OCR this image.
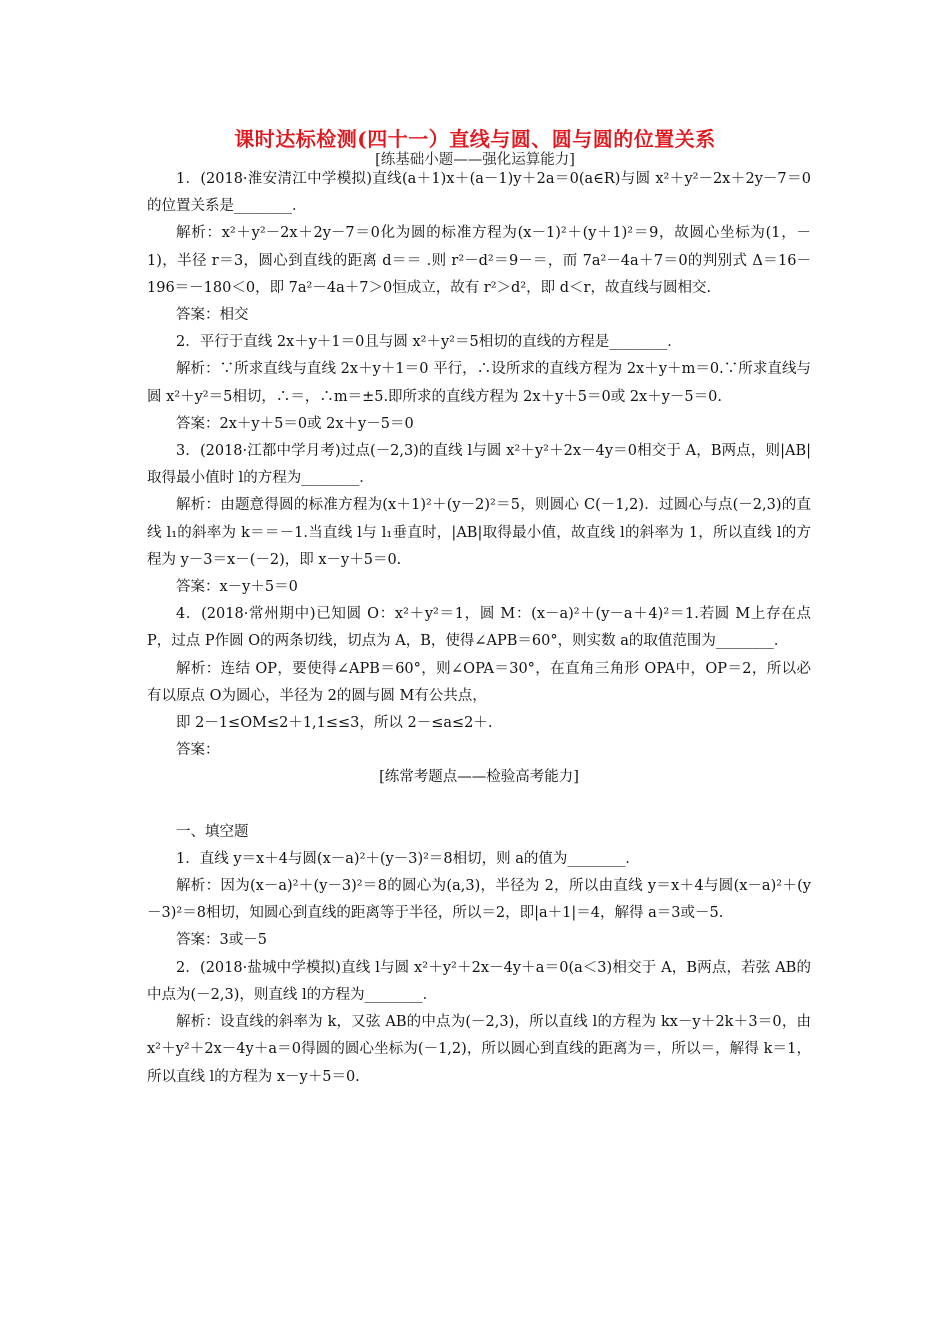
课时达标检测(四十一）直线与圆、圆与圆的位置关系
[练基础小题——强化运算能力]

1．(2018·淮安清江中学模拟)直线(a＋1)x＋(a－1)y＋2a＝0(a∈R)与圆 x²＋y²－2x＋2y－7＝0的位置关系是________．

解析：x²＋y²－2x＋2y－7＝0化为圆的标准方程为(x－1)²＋(y＋1)²＝9，故圆心坐标为(1，－1)，半径 r＝3，圆心到直线的距离 d＝＝ .则 r²－d²＝9－＝，而 7a²－4a＋7＝0的判别式 Δ＝16－196＝－180＜0，即 7a²－4a＋7＞0恒成立，故有 r²＞d²，即 d＜r，故直线与圆相交.

答案：相交

2．平行于直线 2x＋y＋1＝0且与圆 x²＋y²＝5相切的直线的方程是________．

解析：∵所求直线与直线 2x＋y＋1＝0 平行，∴设所求的直线方程为 2x＋y＋m＝0.∵所求直线与圆 x²＋y²＝5相切，∴＝，∴m＝±5.即所求的直线方程为 2x＋y＋5＝0或 2x＋y－5＝0.

答案：2x＋y＋5＝0或 2x＋y－5＝0

3．(2018·江都中学月考)过点(－2,3)的直线 l与圆 x²＋y²＋2x－4y＝0相交于 A，B两点，则|AB|取得最小值时 l的方程为________．

解析：由题意得圆的标准方程为(x＋1)²＋(y－2)²＝5，则圆心 C(－1,2)．过圆心与点(－2,3)的直线 l₁的斜率为 k＝＝－1.当直线 l与 l₁垂直时，|AB|取得最小值，故直线 l的斜率为 1，所以直线 l的方程为 y－3＝x－(－2)，即 x－y＋5＝0.

答案：x－y＋5＝0

4．(2018·常州期中)已知圆 O：x²＋y²＝1，圆 M：(x－a)²＋(y－a＋4)²＝1.若圆 M上存在点 P，过点 P作圆 O的两条切线，切点为 A，B，使得∠APB＝60°，则实数 a的取值范围为________．

解析：连结 OP，要使得∠APB＝60°，则∠OPA＝30°，在直角三角形 OPA中，OP＝2，所以必有以原点 O为圆心，半径为 2的圆与圆 M有公共点，

即 2－1≤OM≤2＋1,1≤≤3，所以 2－≤a≤2＋.

答案：

[练常考题点——检验高考能力]

一、填空题

1．直线 y＝x＋4与圆(x－a)²＋(y－3)²＝8相切，则 a的值为________．

解析：因为(x－a)²＋(y－3)²＝8的圆心为(a,3)，半径为 2，所以由直线 y＝x＋4与圆(x－a)²＋(y－3)²＝8相切，知圆心到直线的距离等于半径，所以＝2，即|a＋1|＝4，解得 a＝3或－5.

答案：3或－5

2．(2018·盐城中学模拟)直线 l与圆 x²＋y²＋2x－4y＋a＝0(a＜3)相交于 A，B两点，若弦 AB的中点为(－2,3)，则直线 l的方程为________．

解析：设直线的斜率为 k，又弦 AB的中点为(－2,3)，所以直线 l的方程为 kx－y＋2k＋3＝0，由 x²＋y²＋2x－4y＋a＝0得圆的圆心坐标为(－1,2)，所以圆心到直线的距离为＝，所以＝，解得 k＝1，所以直线 l的方程为 x－y＋5＝0.
